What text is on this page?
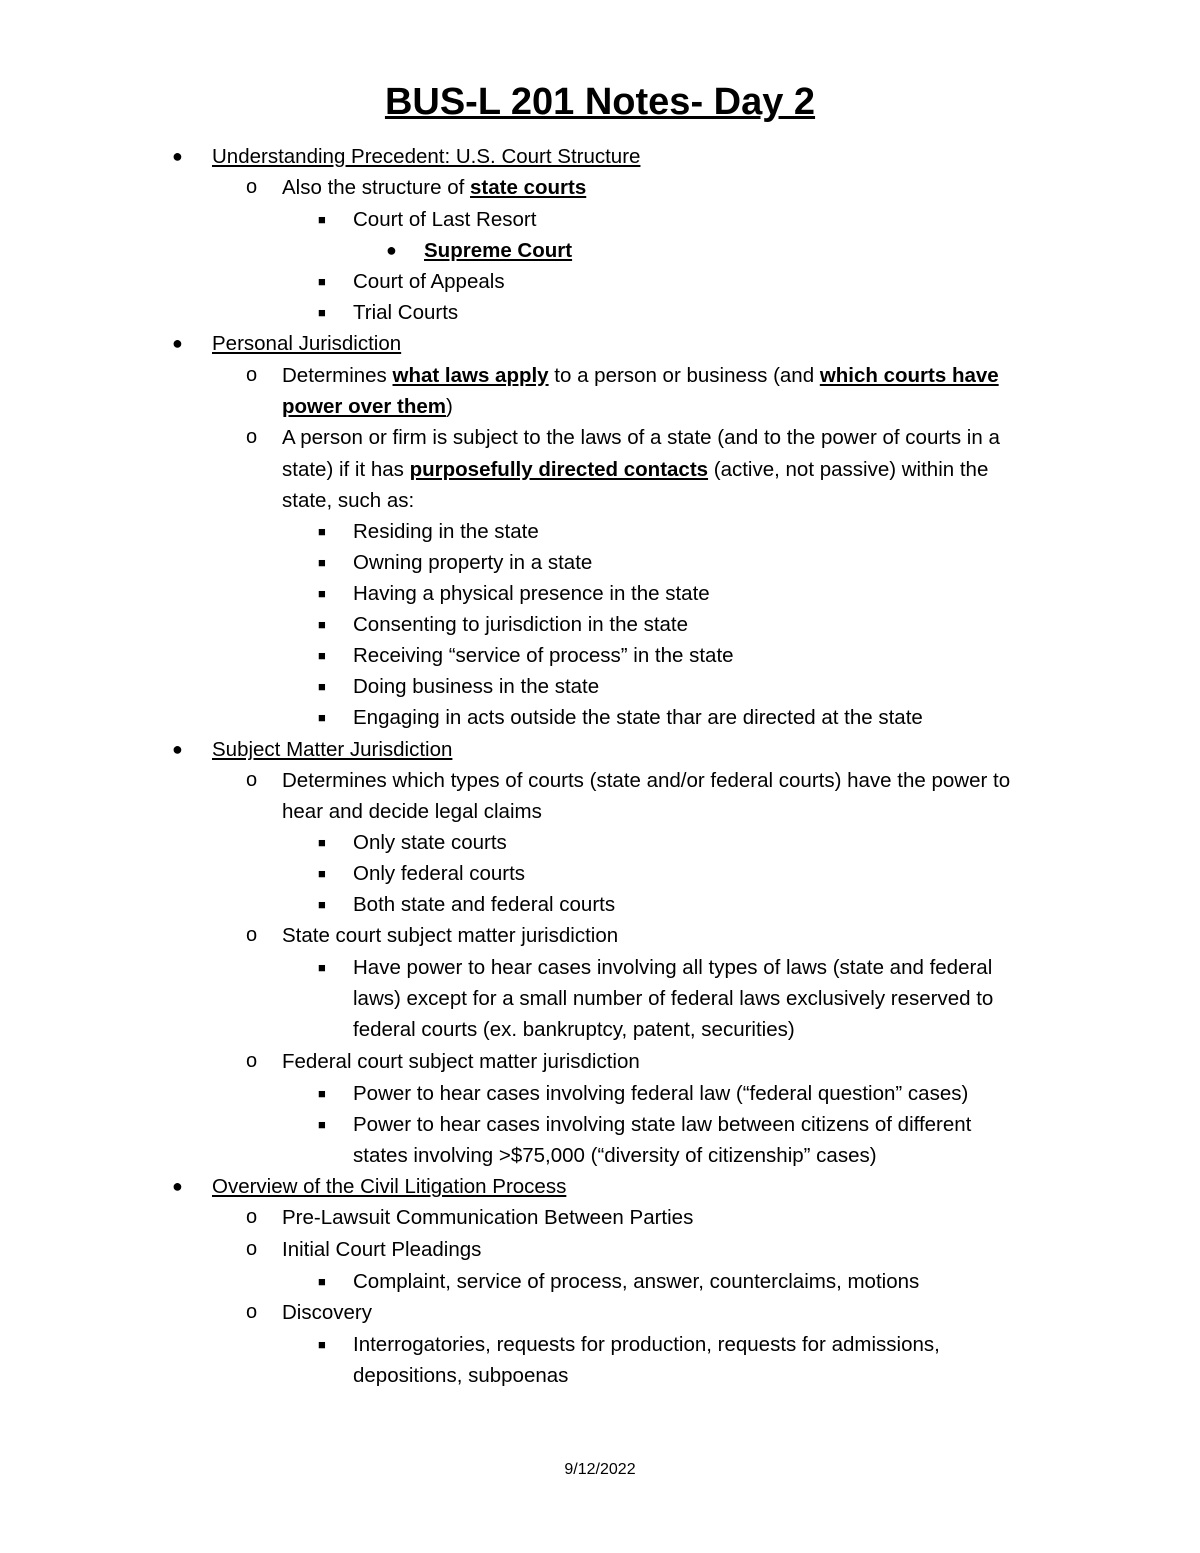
BUS-L 201 Notes- Day 2
● Understanding Precedent: U.S. Court Structure
o Also the structure of state courts
■ Court of Last Resort
● Supreme Court
■ Court of Appeals
■ Trial Courts
● Personal Jurisdiction
o Determines what laws apply to a person or business (and which courts have
power over them)
o A person or firm is subject to the laws of a state (and to the power of courts in a
state) if it has purposefully directed contacts (active, not passive) within the
state, such as:
■ Residing in the state
■ Owning property in a state
■ Having a physical presence in the state
■ Consenting to jurisdiction in the state
■ Receiving “service of process” in the state
■ Doing business in the state
■ Engaging in acts outside the state thar are directed at the state
● Subject Matter Jurisdiction
o Determines which types of courts (state and/or federal courts) have the power to
hear and decide legal claims
■ Only state courts
■ Only federal courts
■ Both state and federal courts
o State court subject matter jurisdiction
■ Have power to hear cases involving all types of laws (state and federal
laws) except for a small number of federal laws exclusively reserved to
federal courts (ex. bankruptcy, patent, securities)
o Federal court subject matter jurisdiction
■ Power to hear cases involving federal law (“federal question” cases)
■ Power to hear cases involving state law between citizens of different
states involving >$75,000 (“diversity of citizenship” cases)
● Overview of the Civil Litigation Process
o Pre-Lawsuit Communication Between Parties
o Initial Court Pleadings
■ Complaint, service of process, answer, counterclaims, motions
o Discovery
■ Interrogatories, requests for production, requests for admissions,
depositions, subpoenas
9/12/2022
